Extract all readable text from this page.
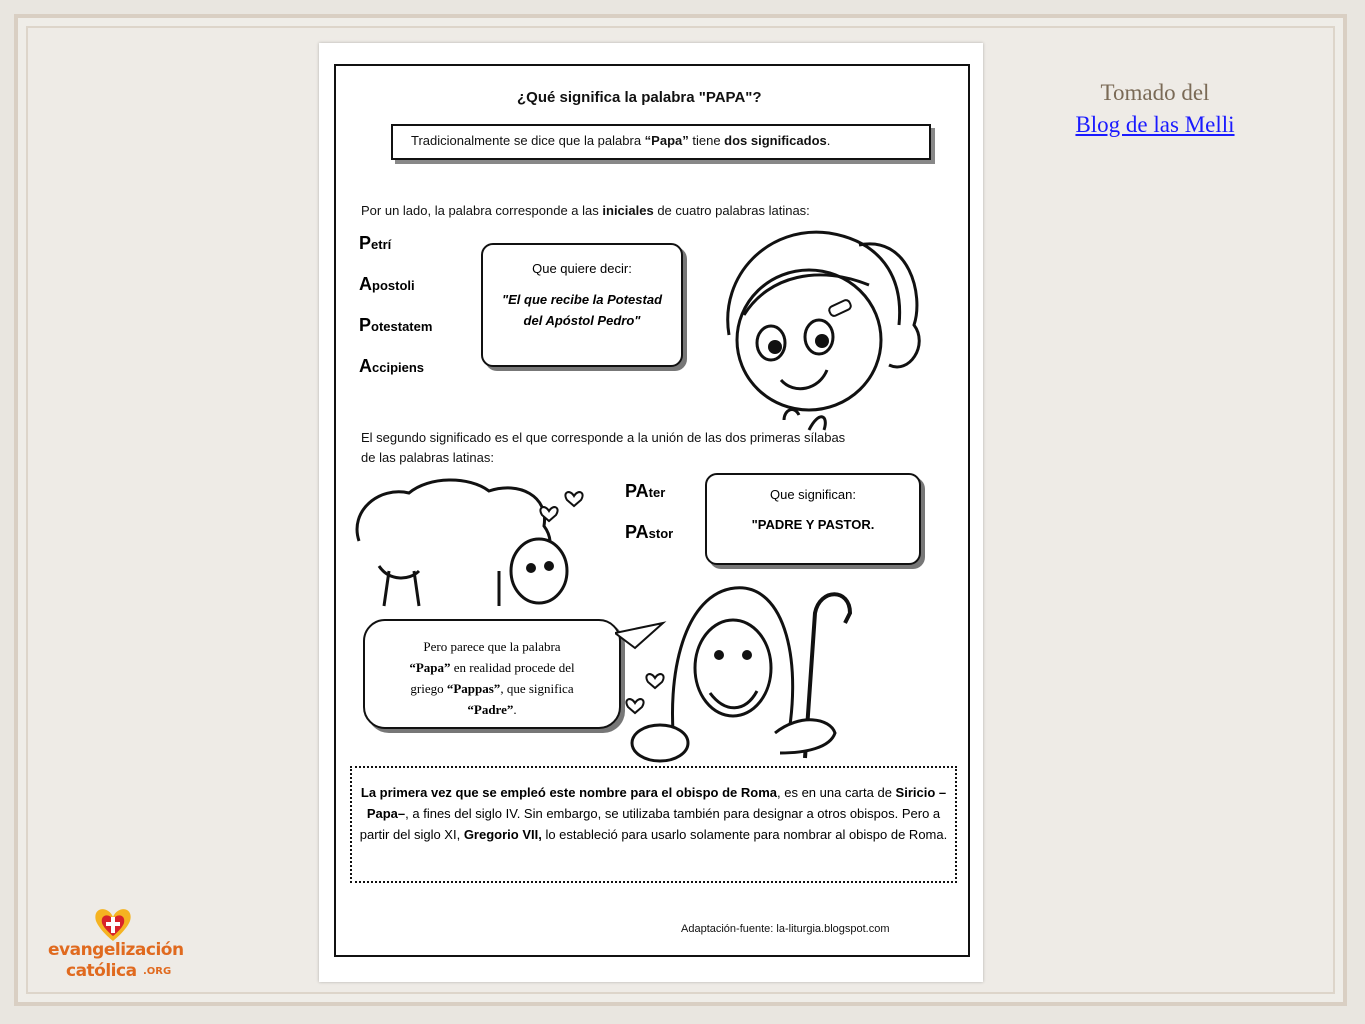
¿Qué significa la palabra "PAPA"?
Tradicionalmente se dice que la palabra “Papa” tiene dos significados.
Por un lado, la palabra corresponde a las iniciales de cuatro palabras latinas:
Petrí
Apostoli
Potestatem
Accipiens
Que quiere decir:
"El que recibe la Potestad del Apóstol Pedro"
El segundo significado es el que corresponde a la unión de las dos primeras sílabas
de las palabras latinas:
PAter
PAstor
Que significan:
"PADRE Y PASTOR.
Pero parece que la palabra
“Papa” en realidad procede del
griego “Pappas”, que significa
“Padre”.
La primera vez que se empleó este nombre para el obispo de Roma, es en una carta de Siricio –Papa–, a fines del siglo IV. Sin embargo, se utilizaba también para designar a otros obispos. Pero a partir del siglo XI, Gregorio VII, lo estableció para usarlo solamente para nombrar al obispo de Roma.
Adaptación-fuente: la-liturgia.blogspot.com
Tomado del
Blog de las Melli
evangelización
católica .ORG
